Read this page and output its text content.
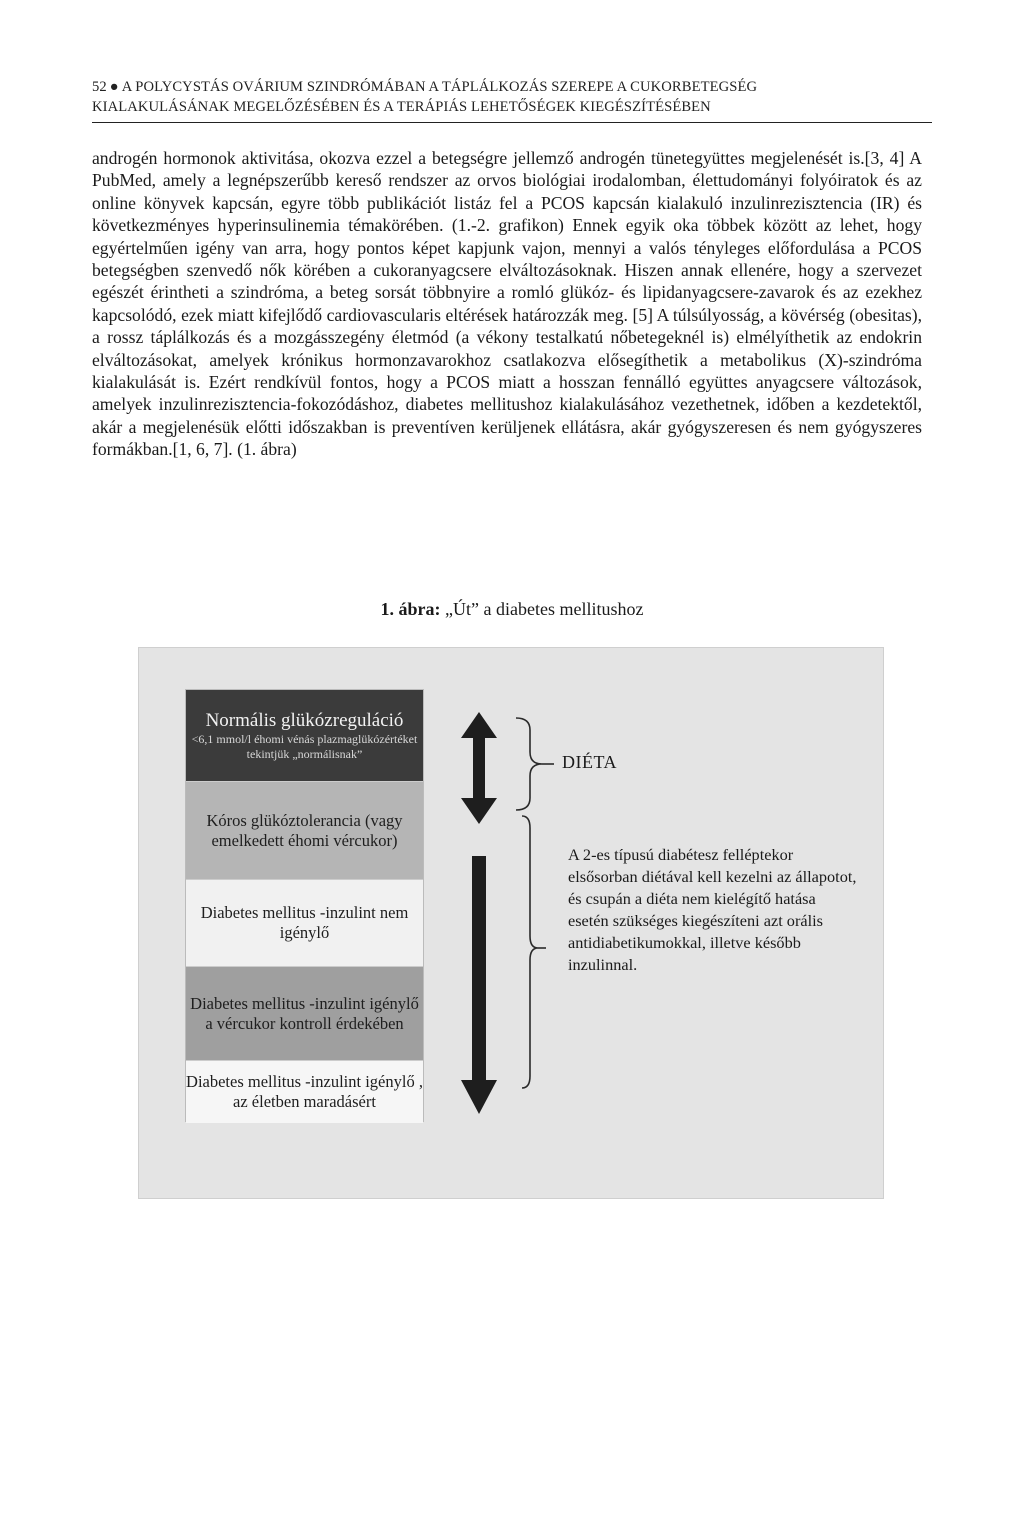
52 ● A POLYCYSTÁS OVÁRIUM SZINDRÓMÁBAN A TÁPLÁLKOZÁS SZEREPE A CUKORBETEGSÉG
KIALAKULÁSÁNAK MEGELŐZÉSÉBEN ÉS A TERÁPIÁS LEHETŐSÉGEK KIEGÉSZÍTÉSÉBEN

androgén hormonok aktivitása, okozva ezzel a betegségre jellemző androgén tünetegyüttes megjelenését is.[3, 4] A PubMed, amely a legnépszerűbb kereső rendszer az orvos biológiai irodalomban, élettudományi folyóiratok és az online könyvek kapcsán, egyre több publikációt listáz fel a PCOS kapcsán kialakuló inzulinrezisztencia (IR) és következményes hyperinsulinemia témakörében. (1.-2. grafikon) Ennek egyik oka többek között az lehet, hogy egyértelműen igény van arra, hogy pontos képet kapjunk vajon, mennyi a valós tényleges előfordulása a PCOS betegségben szenvedő nők körében a cukoranyagcsere elváltozásoknak. Hiszen annak ellenére, hogy a szervezet egészét érintheti a szindróma, a beteg sorsát többnyire a romló glükóz- és lipidanyagcsere-zavarok és az ezekhez kapcsolódó, ezek miatt kifejlődő cardiovascularis eltérések határozzák meg. [5] A túlsúlyosság, a kövérség (obesitas), a rossz táplálkozás és a mozgásszegény életmód (a vékony testalkatú nőbetegeknél is) elmélyíthetik az endokrin elváltozásokat, amelyek krónikus hormonzavarokhoz csatlakozva elősegíthetik a metabolikus (X)-szindróma kialakulását is. Ezért rendkívül fontos, hogy a PCOS miatt a hosszan fennálló együttes anyagcsere változások, amelyek inzulinrezisztencia-fokozódáshoz, diabetes mellitushoz kialakulásához vezethetnek, időben a kezdetektől, akár a megjelenésük előtti időszakban is preventíven kerüljenek ellátásra, akár gyógyszeresen és nem gyógyszeres formákban.[1, 6, 7]. (1. ábra)

1. ábra: „Út” a diabetes mellitushoz
Normális glükózreguláció
<6,1 mmol/l éhomi vénás plazmaglükózértéket tekintjük „normálisnak”
Kóros glükóztolerancia (vagy emelkedett éhomi vércukor)
Diabetes mellitus -inzulint nem igénylő
Diabetes mellitus -inzulint igénylő a vércukor kontroll érdekében
Diabetes mellitus -inzulint igénylő , az életben maradásért
DIÉTA
A 2-es típusú diabétesz felléptekor elsősorban diétával kell kezelni az állapotot, és csupán a diéta nem kielégítő hatása esetén szükséges kiegészíteni azt orális antidiabetikumokkal, illetve később inzulinnal.
